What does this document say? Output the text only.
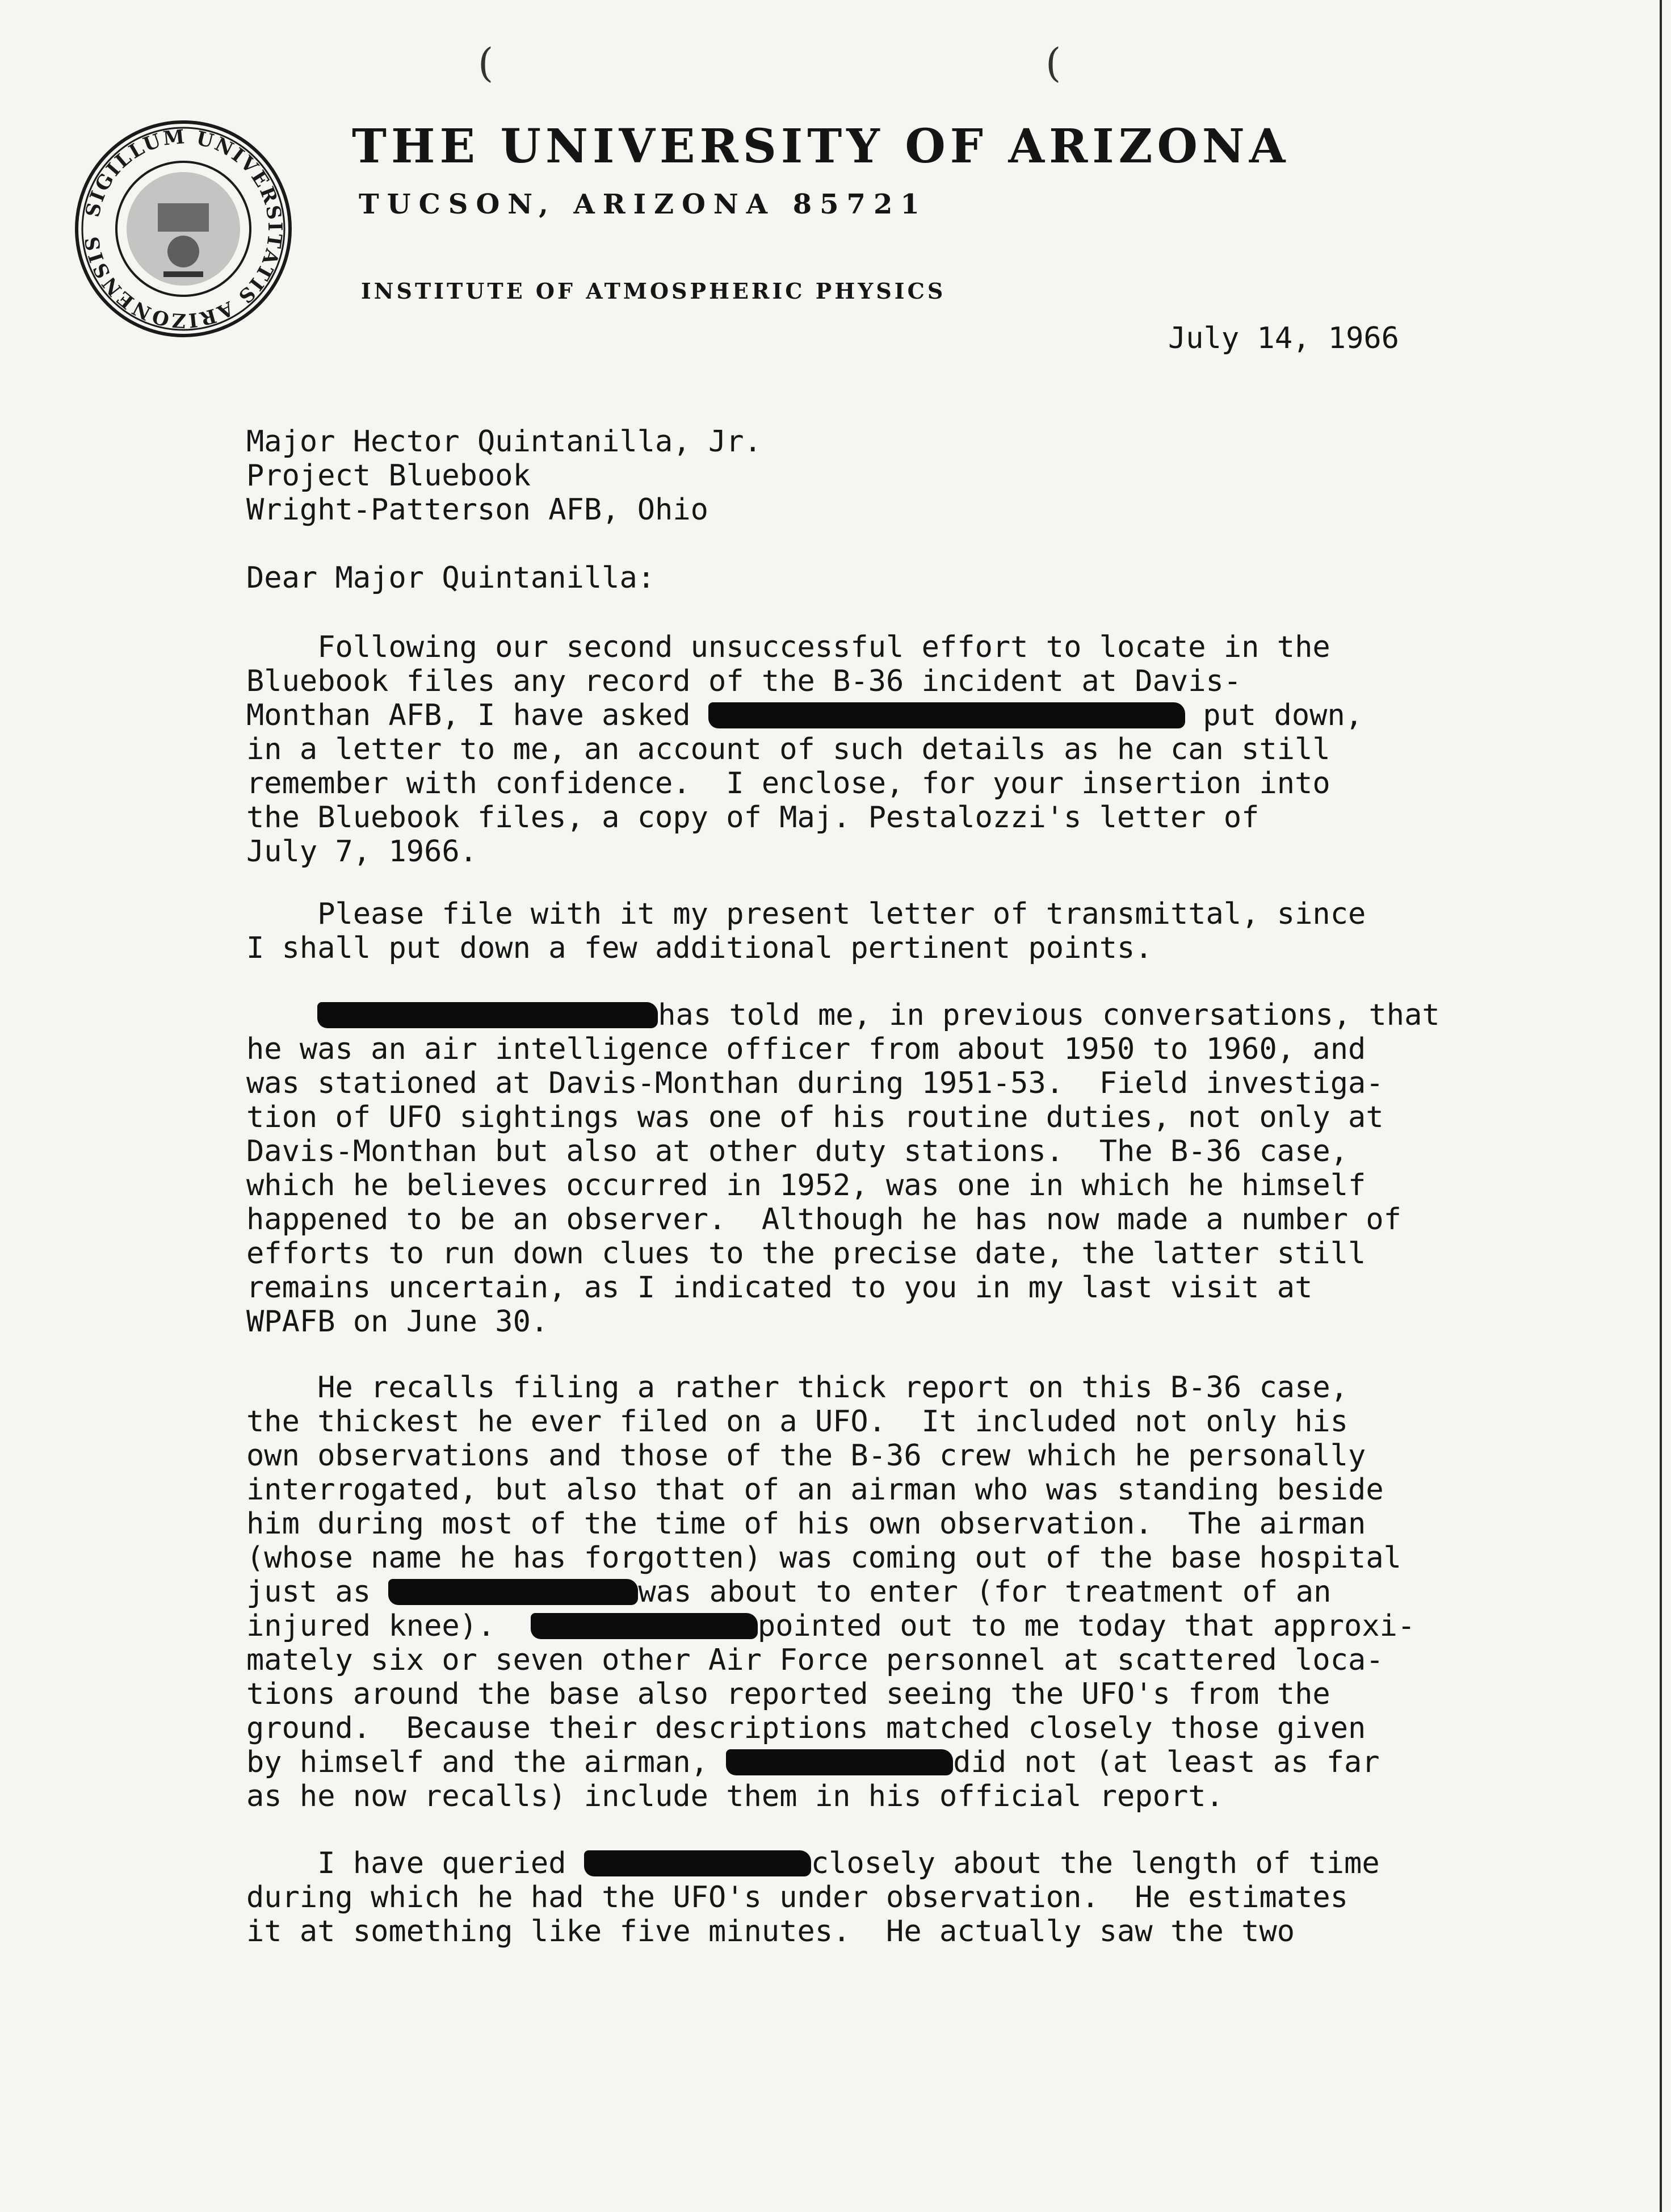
(	(
SIGILLUM UNIVERSITATIS ARIZONENSIS
THE UNIVERSITY OF ARIZONA
TUCSON, ARIZONA 85721
INSTITUTE OF ATMOSPHERIC PHYSICS
July 14, 1966
Major Hector Quintanilla, Jr.
Project Bluebook
Wright-Patterson AFB, Ohio
Dear Major Quintanilla:
Following our second unsuccessful effort to locate in the
Bluebook files any record of the B-36 incident at Davis-
Monthan AFB, I have asked	put down,
in a letter to me, an account of such details as he can still
remember with confidence.  I enclose, for your insertion into
the Bluebook files, a copy of Maj. Pestalozzi's letter of
July 7, 1966.
Please file with it my present letter of transmittal, since
I shall put down a few additional pertinent points.
has told me, in previous conversations, that
he was an air intelligence officer from about 1950 to 1960, and
was stationed at Davis-Monthan during 1951-53.  Field investiga-
tion of UFO sightings was one of his routine duties, not only at
Davis-Monthan but also at other duty stations.  The B-36 case,
which he believes occurred in 1952, was one in which he himself
happened to be an observer.  Although he has now made a number of
efforts to run down clues to the precise date, the latter still
remains uncertain, as I indicated to you in my last visit at
WPAFB on June 30.
He recalls filing a rather thick report on this B-36 case,
the thickest he ever filed on a UFO.  It included not only his
own observations and those of the B-36 crew which he personally
interrogated, but also that of an airman who was standing beside
him during most of the time of his own observation.  The airman
(whose name he has forgotten) was coming out of the base hospital
just as	was about to enter (for treatment of an
injured knee).	pointed out to me today that approxi-
mately six or seven other Air Force personnel at scattered loca-
tions around the base also reported seeing the UFO's from the
ground.  Because their descriptions matched closely those given
by himself and the airman,	did not (at least as far
as he now recalls) include them in his official report.
I have queried	closely about the length of time
during which he had the UFO's under observation.  He estimates
it at something like five minutes.  He actually saw the two
